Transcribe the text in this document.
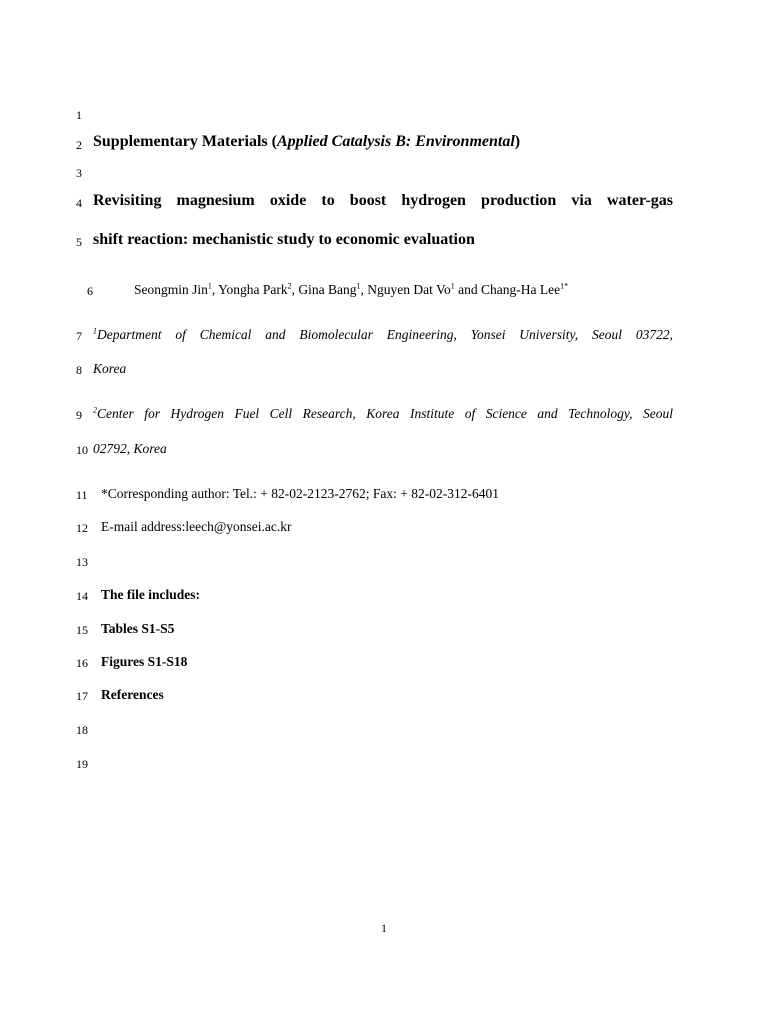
1
2 Supplementary Materials (Applied Catalysis B: Environmental)
3
4 Revisiting magnesium oxide to boost hydrogen production via water-gas
5 shift reaction: mechanistic study to economic evaluation
6	Seongmin Jin$^1$, Yongha Park$^2$, Gina Bang$^1$, Nguyen Dat Vo$^1$ and Chang-Ha Lee$^{1*}$
7	$^1$Department of Chemical and Biomolecular Engineering, Yonsei University, Seoul 03722,
8 Korea
9	$^2$Center for Hydrogen Fuel Cell Research, Korea Institute of Science and Technology, Seoul
10 02792, Korea
11 *Corresponding author: Tel.: + 82-02-2123-2762; Fax: + 82-02-312-6401
12 E-mail address:leech@yonsei.ac.kr
13
14 The file includes:
15 Tables S1-S5
16 Figures S1-S18
17 References
18
19
1
